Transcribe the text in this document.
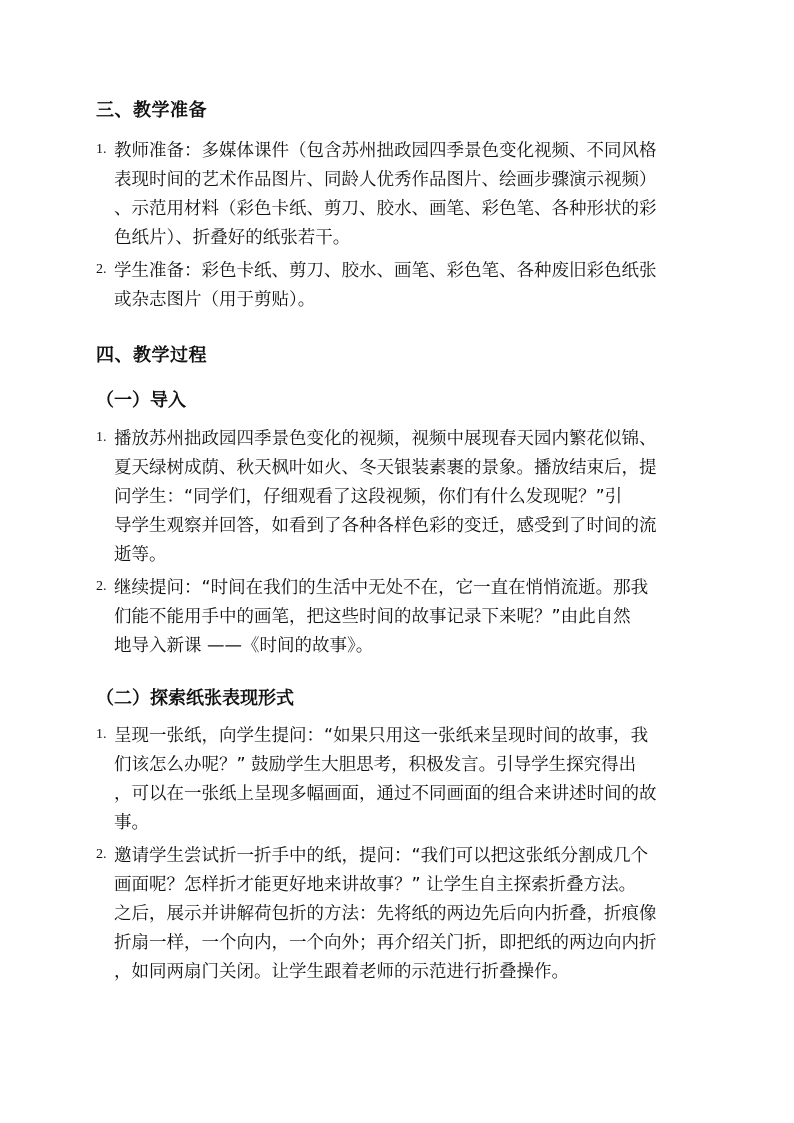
三、教学准备
1. 教师准备：多媒体课件（包含苏州拙政园四季景色变化视频、不同风格
表现时间的艺术作品图片、同龄人优秀作品图片、绘画步骤演示视频）
、示范用材料（彩色卡纸、剪刀、胶水、画笔、彩色笔、各种形状的彩
色纸片）、折叠好的纸张若干。
2. 学生准备：彩色卡纸、剪刀、胶水、画笔、彩色笔、各种废旧彩色纸张
或杂志图片（用于剪贴）。
四、教学过程
（一）导入
1. 播放苏州拙政园四季景色变化的视频，视频中展现春天园内繁花似锦、
夏天绿树成荫、秋天枫叶如火、冬天银装素裹的景象。播放结束后，提
问学生：“同学们，仔细观看了这段视频，你们有什么发现呢？”引
导学生观察并回答，如看到了各种各样色彩的变迁，感受到了时间的流
逝等。
2. 继续提问：“时间在我们的生活中无处不在，它一直在悄悄流逝。那我
们能不能用手中的画笔，把这些时间的故事记录下来呢？”由此自然
地导入新课 ——《时间的故事》。
（二）探索纸张表现形式
1. 呈现一张纸，向学生提问：“如果只用这一张纸来呈现时间的故事，我
们该怎么办呢？” 鼓励学生大胆思考，积极发言。引导学生探究得出
，可以在一张纸上呈现多幅画面，通过不同画面的组合来讲述时间的故
事。
2. 邀请学生尝试折一折手中的纸，提问：“我们可以把这张纸分割成几个
画面呢？怎样折才能更好地来讲故事？” 让学生自主探索折叠方法。
之后，展示并讲解荷包折的方法：先将纸的两边先后向内折叠，折痕像
折扇一样，一个向内，一个向外；再介绍关门折，即把纸的两边向内折
，如同两扇门关闭。让学生跟着老师的示范进行折叠操作。
